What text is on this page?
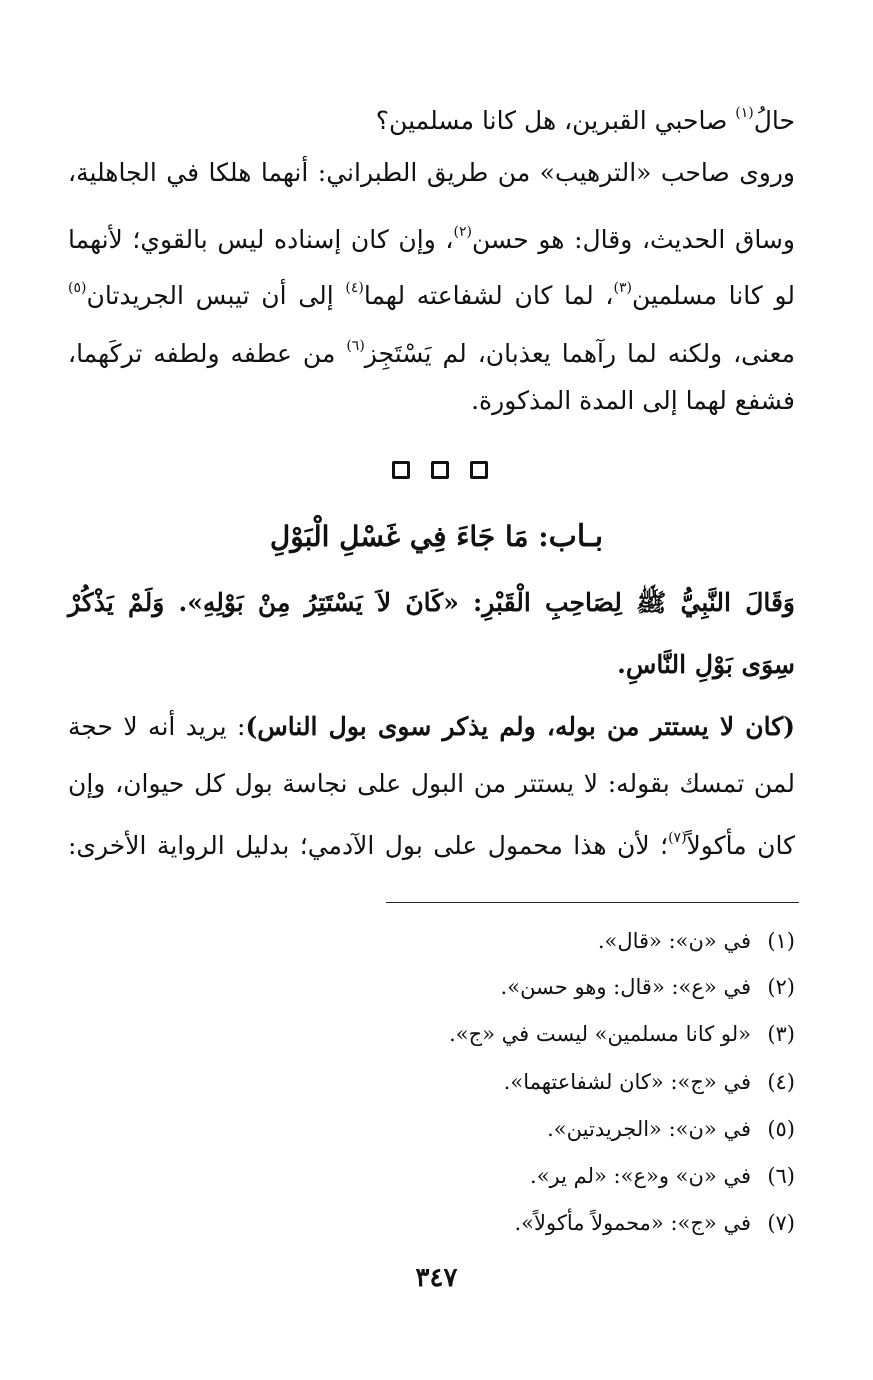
حالُ$^{(١)}$ صاحبي القبرين، هل كانا مسلمين؟
وروى صاحب «الترهيب» من طريق الطبراني: أنهما هلكا في الجاهلية،
وساق الحديث، وقال: هو حسن$^{(٢)}$، وإن كان إسناده ليس بالقوي؛ لأنهما
لو كانا مسلمين$^{(٣)}$، لما كان لشفاعته لهما$^{(٤)}$ إلى أن تيبس الجريدتان$^{(٥)}$
معنى، ولكنه لما رآهما يعذبان، لم يَسْتَجِز$^{(٦)}$ من عطفه ولطفه تركَهما،
فشفع لهما إلى المدة المذكورة.
بـاب: مَا جَاءَ فِي غَسْلِ الْبَوْلِ
وَقَالَ النَّبِيُّ ﷺ لِصَاحِبِ الْقَبْرِ: «كَانَ لاَ يَسْتَتِرُ مِنْ بَوْلِهِ». وَلَمْ يَذْكُرْ
سِوَى بَوْلِ النَّاسِ.
(كان لا يستتر من بوله، ولم يذكر سوى بول الناس): يريد أنه لا حجة
لمن تمسك بقوله: لا يستتر من البول على نجاسة بول كل حيوان، وإن
كان مأكولاً$^{(٧)}$؛ لأن هذا محمول على بول الآدمي؛ بدليل الرواية الأخرى:
(١)في «ن»: «قال».
(٢)في «ع»: «قال: وهو حسن».
(٣)«لو كانا مسلمين» ليست في «ج».
(٤)في «ج»: «كان لشفاعتهما».
(٥)في «ن»: «الجريدتين».
(٦)في «ن» و«ع»: «لم ير».
(٧)في «ج»: «محمولاً مأكولاً».
٣٤٧
